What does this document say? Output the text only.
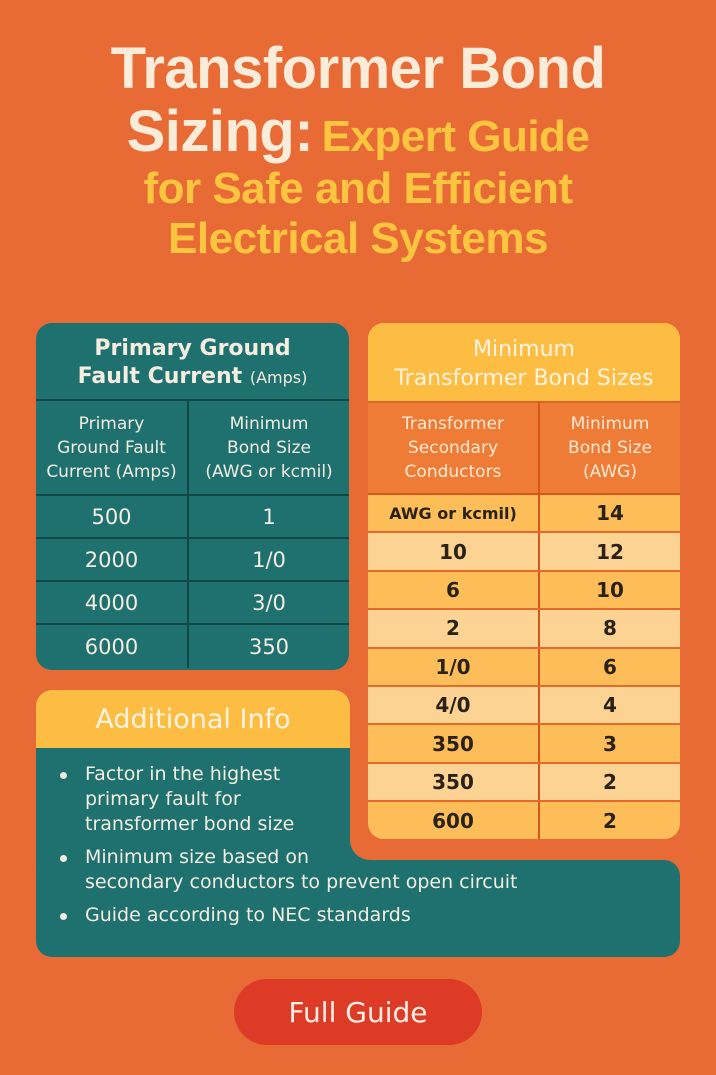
Transformer Bond
Sizing: Expert Guide
for Safe and Efficient
Electrical Systems
Primary Ground
Fault Current (Amps)
Primary
Ground Fault
Current (Amps)
Minimum
Bond Size
(AWG or kcmil)
500	1
2000	1/0
4000	3/0
6000	350
Minimum
Transformer Bond Sizes
Transformer
Secondary
Conductors
Minimum
Bond Size
(AWG)
AWG or kcmil)	14
10	12
6	10
2	8
1/0	6
4/0	4
350	3
350	2
600	2
Additional Info
Factor in the highest
primary fault for
transformer bond size
Minimum size based on
secondary conductors to prevent open circuit
Guide according to NEC standards
Full Guide
